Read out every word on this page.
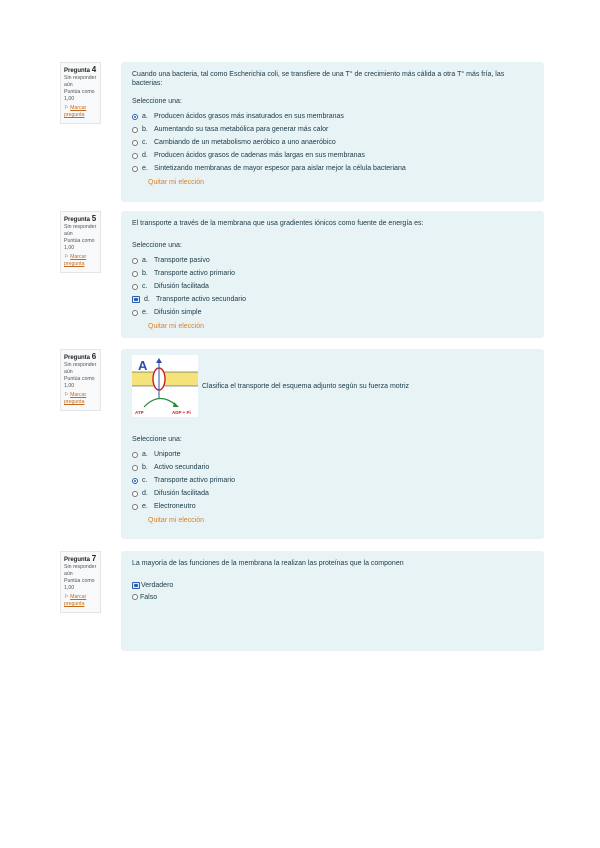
Pregunta 4
Sin responder aún
Puntúa como 1,00
⚐ Marcar pregunta

Cuando una bacteria, tal como Escherichia coli, se transfiere de una T° de crecimiento más cálida a otra T° más fría, las bacterias:

Seleccione una:

a. Producen ácidos grasos más insaturados en sus membranas
b. Aumentando su tasa metabólica para generar más calor
c. Cambiando de un metabolismo aeróbico a uno anaeróbico
d. Producen ácidos grasos de cadenas más largas en sus membranas
e. Sintetizando membranas de mayor espesor para aislar mejor la célula bacteriana
Quitar mi elección
Pregunta 5
Sin responder aún
Puntúa como 1,00
⚐ Marcar pregunta

El transporte a través de la membrana que usa gradientes iónicos como fuente de energía es:

Seleccione una:

a. Transporte pasivo
b. Transporte activo primario
c. Difusión facilitada
d. Transporte activo secundario
e. Difusión simple
Quitar mi elección
Pregunta 6
Sin responder aún
Puntúa como 1,00
⚐ Marcar pregunta
A
ATP	ADP + Pi
Clasifica el transporte del esquema adjunto según su fuerza motriz

Seleccione una:

a. Uniporte
b. Activo secundario
c. Transporte activo primario
d. Difusión facilitada
e. Electroneutro
Quitar mi elección
Pregunta 7
Sin responder aún
Puntúa como 1,00
⚐ Marcar pregunta

La mayoría de las funciones de la membrana la realizan las proteínas que la componen

Verdadero
Falso
